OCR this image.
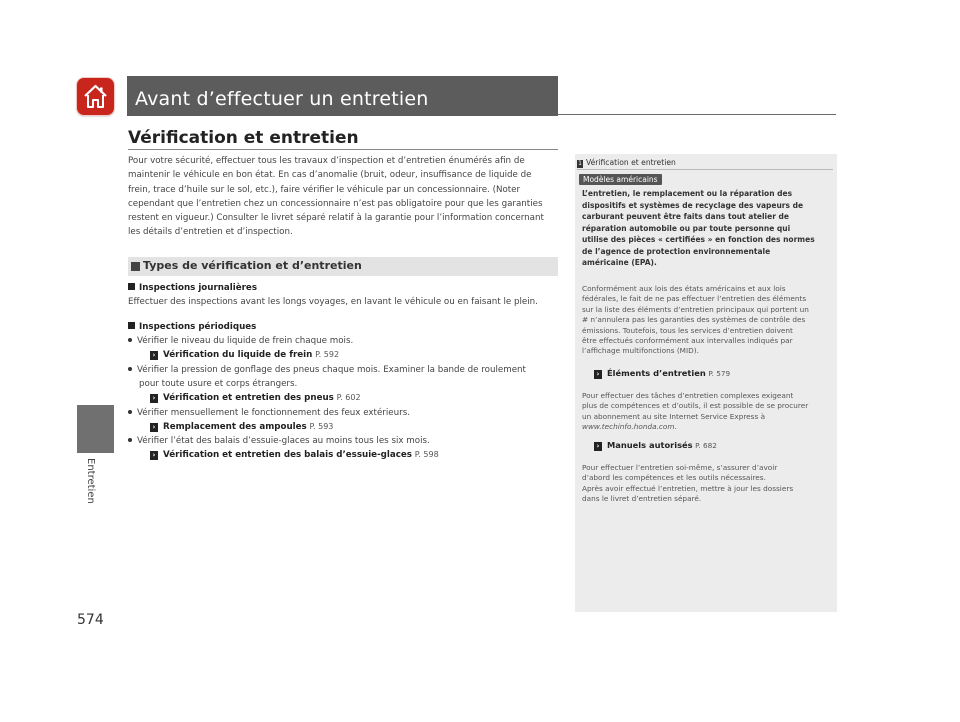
Avant d’effectuer un entretien
Entretien
574
Vérification et entretien

Pour votre sécurité, effectuer tous les travaux d’inspection et d’entretien énumérés afin de
maintenir le véhicule en bon état. En cas d’anomalie (bruit, odeur, insuffisance de liquide de
frein, trace d’huile sur le sol, etc.), faire vérifier le véhicule par un concessionnaire. (Noter
cependant que l’entretien chez un concessionnaire n’est pas obligatoire pour que les garanties
restent en vigueur.) Consulter le livret séparé relatif à la garantie pour l’information concernant
les détails d’entretien et d’inspection.

Types de vérification et d’entretien
Inspections journalières
Effectuer des inspections avant les longs voyages, en lavant le véhicule ou en faisant le plein.
Inspections périodiques
Vérifier le niveau du liquide de frein chaque mois.
› Vérification du liquide de frein P. 592
Vérifier la pression de gonflage des pneus chaque mois. Examiner la bande de roulement
pour toute usure et corps étrangers.
› Vérification et entretien des pneus P. 602
Vérifier mensuellement le fonctionnement des feux extérieurs.
› Remplacement des ampoules P. 593
Vérifier l’état des balais d’essuie-glaces au moins tous les six mois.
› Vérification et entretien des balais d’essuie-glaces P. 598
1 Vérification et entretien
Modèles américains

L’entretien, le remplacement ou la réparation des
dispositifs et systèmes de recyclage des vapeurs de
carburant peuvent être faits dans tout atelier de
réparation automobile ou par toute personne qui
utilise des pièces « certifiées » en fonction des normes
de l’agence de protection environnementale
américaine (EPA).

Conformément aux lois des états américains et aux lois
fédérales, le fait de ne pas effectuer l’entretien des éléments
sur la liste des éléments d’entretien principaux qui portent un
# n’annulera pas les garanties des systèmes de contrôle des
émissions. Toutefois, tous les services d’entretien doivent
être effectués conformément aux intervalles indiqués par
l’affichage multifonctions (MID).

› Éléments d’entretien P. 579

Pour effectuer des tâches d’entretien complexes exigeant
plus de compétences et d’outils, il est possible de se procurer
un abonnement au site Internet Service Express à
www.techinfo.honda.com.

› Manuels autorisés P. 682

Pour effectuer l’entretien soi-même, s’assurer d’avoir
d’abord les compétences et les outils nécessaires.
Après avoir effectué l’entretien, mettre à jour les dossiers
dans le livret d’entretien séparé.
